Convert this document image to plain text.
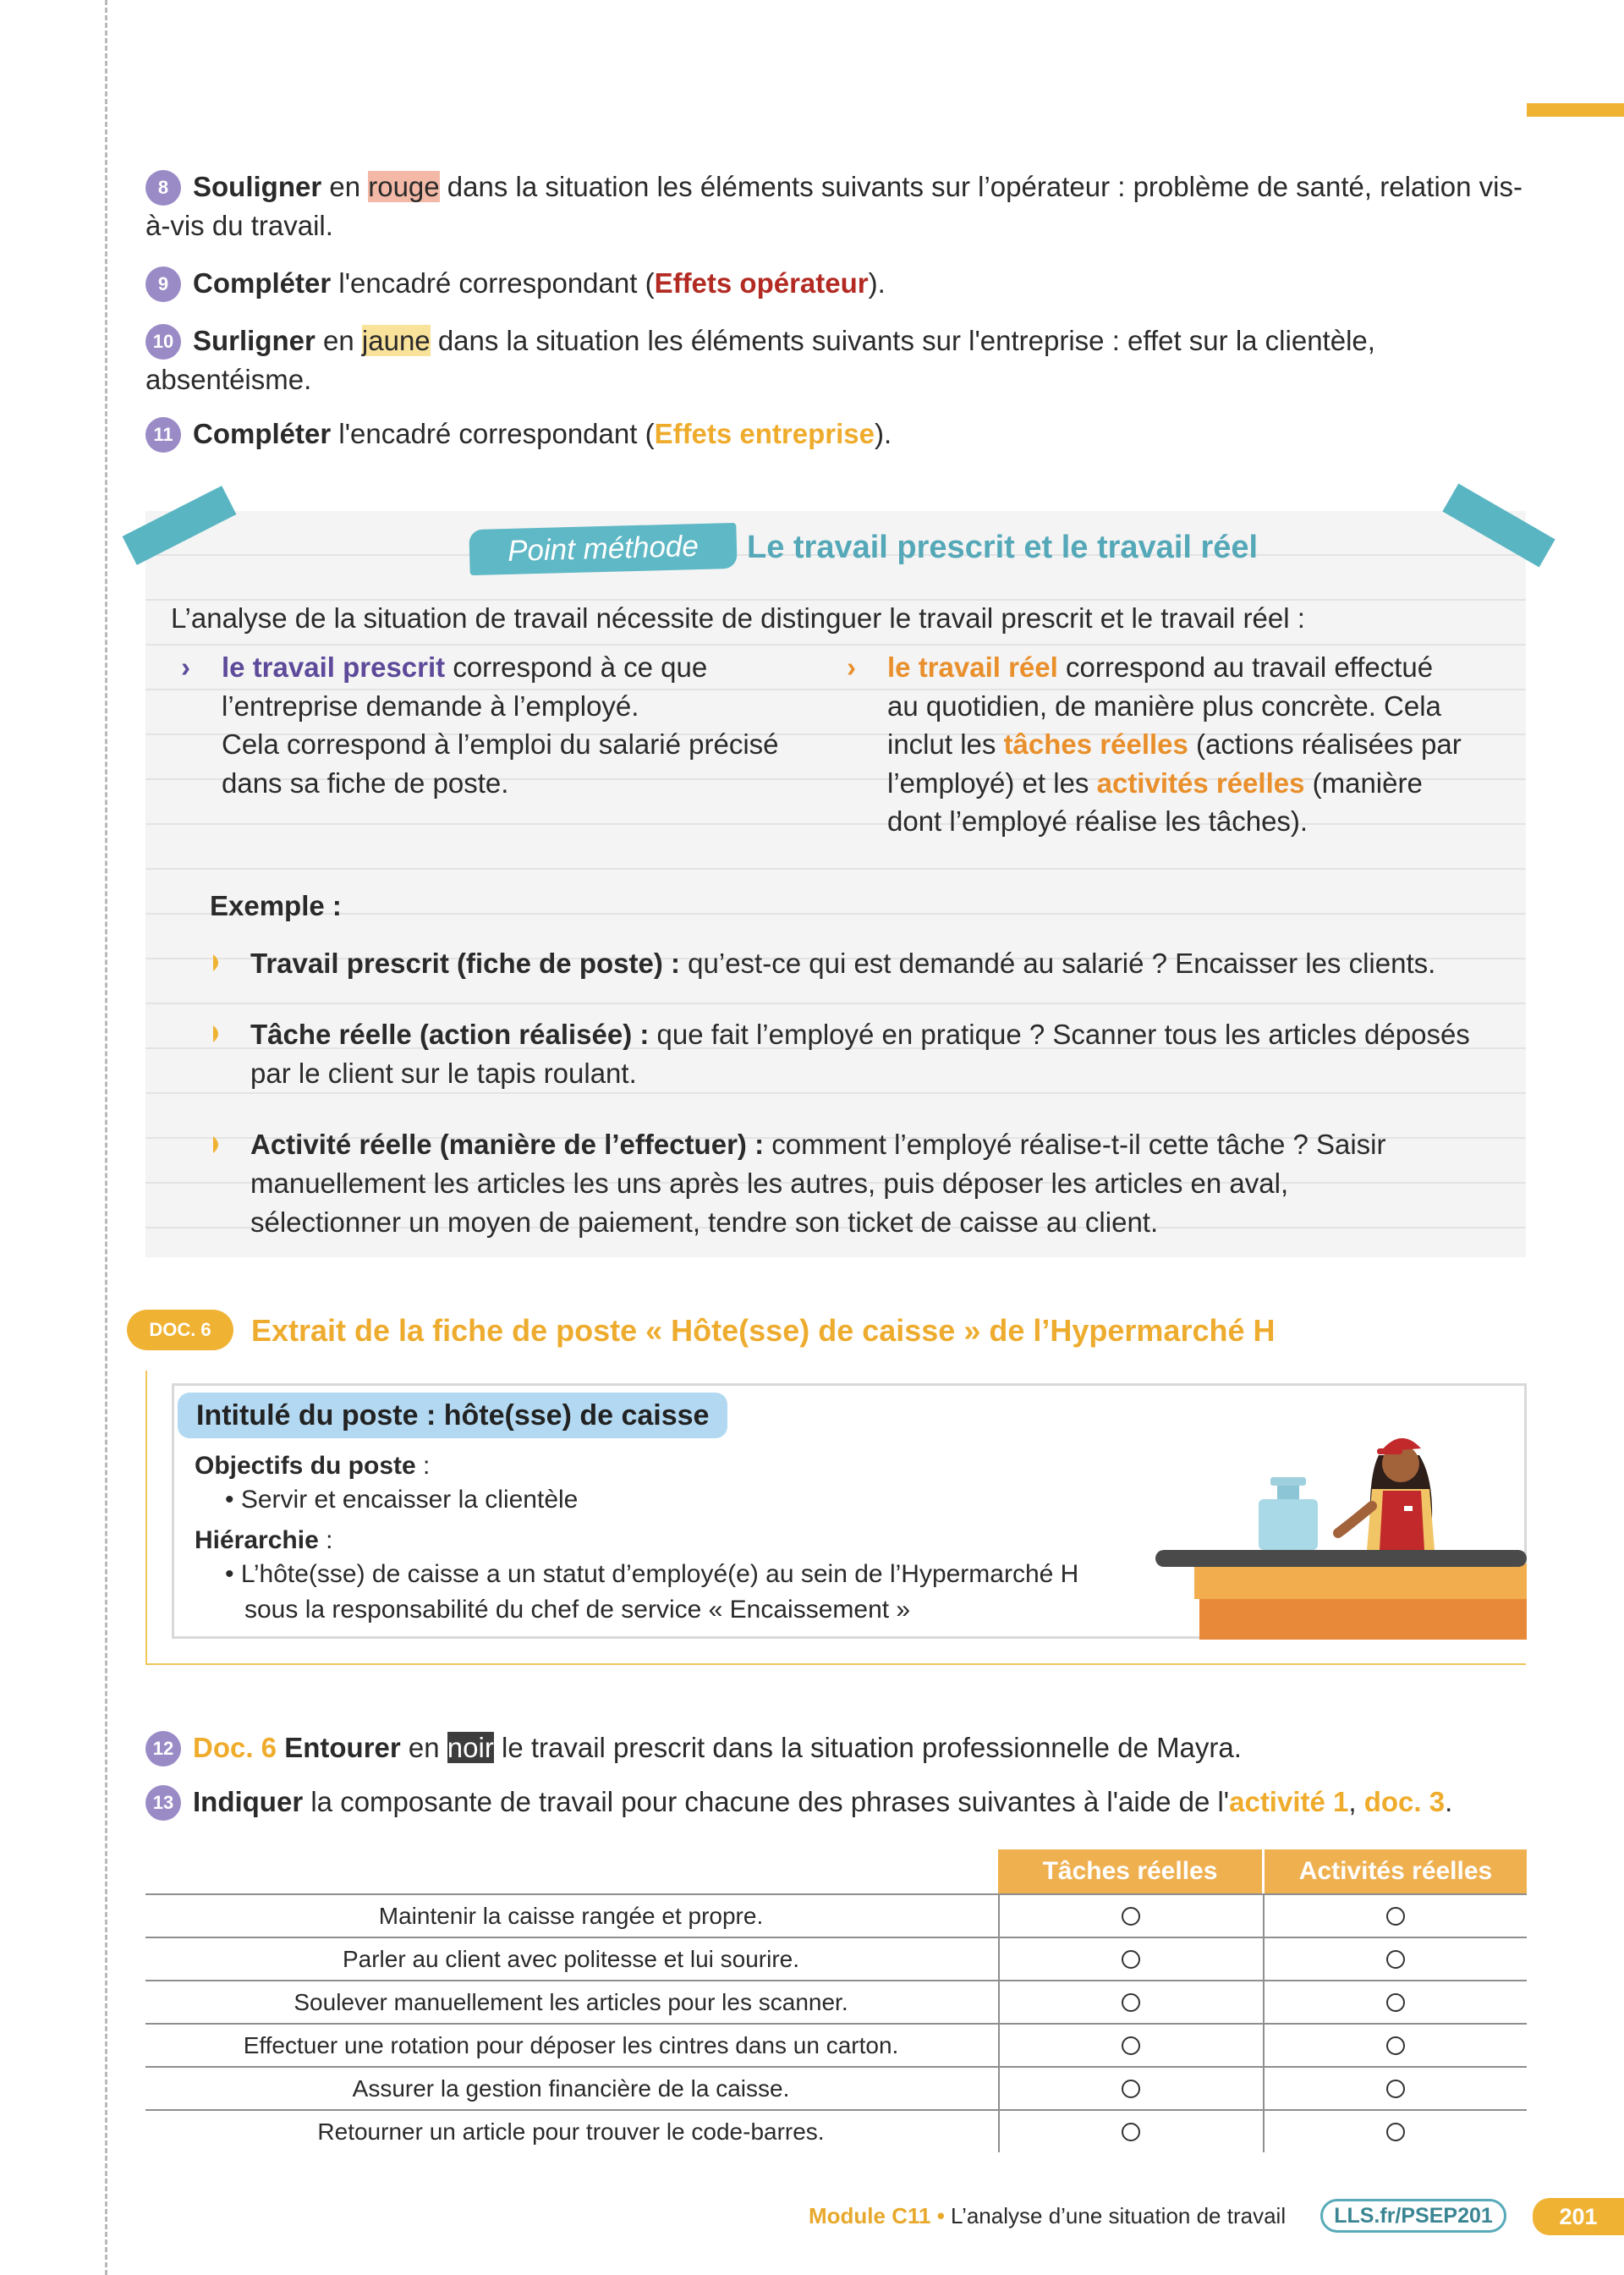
8 Souligner en rouge dans la situation les éléments suivants sur l’opérateur : problème de santé, relation vis-à-vis du travail.
9 Compléter l'encadré correspondant (Effets opérateur).
10 Surligner en jaune dans la situation les éléments suivants sur l'entreprise : effet sur la clientèle, absentéisme.
11 Compléter l'encadré correspondant (Effets entreprise).
Point méthode	Le travail prescrit et le travail réel
L’analyse de la situation de travail nécessite de distinguer le travail prescrit et le travail réel :
› le travail prescrit correspond à ce que
l’entreprise demande à l’employé.
Cela correspond à l’emploi du salarié précisé
dans sa fiche de poste.
› le travail réel correspond au travail effectué
au quotidien, de manière plus concrète. Cela
inclut les tâches réelles (actions réalisées par
l’employé) et les activités réelles (manière
dont l’employé réalise les tâches).
Exemple :
Travail prescrit (fiche de poste) : qu’est-ce qui est demandé au salarié ? Encaisser les clients.
Tâche réelle (action réalisée) : que fait l’employé en pratique ? Scanner tous les articles déposés
par le client sur le tapis roulant.
Activité réelle (manière de l’effectuer) : comment l’employé réalise-t-il cette tâche ? Saisir
manuellement les articles les uns après les autres, puis déposer les articles en aval,
sélectionner un moyen de paiement, tendre son ticket de caisse au client.
DOC. 6	Extrait de la fiche de poste « Hôte(sse) de caisse » de l’Hypermarché H
Intitulé du poste : hôte(sse) de caisse
Objectifs du poste :
• Servir et encaisser la clientèle
Hiérarchie :
• L’hôte(sse) de caisse a un statut d’employé(e) au sein de l’Hypermarché H
sous la responsabilité du chef de service « Encaissement »
12 Doc. 6 Entourer en noir le travail prescrit dans la situation professionnelle de Mayra.
13 Indiquer la composante de travail pour chacune des phrases suivantes à l'aide de l'activité 1, doc. 3.
Tâches réelles	Activités réelles
Maintenir la caisse rangée et propre.
Parler au client avec politesse et lui sourire.
Soulever manuellement les articles pour les scanner.
Effectuer une rotation pour déposer les cintres dans un carton.
Assurer la gestion financière de la caisse.
Retourner un article pour trouver le code-barres.
Module C11 • L’analyse d’une situation de travail	LLS.fr/PSEP201	201
